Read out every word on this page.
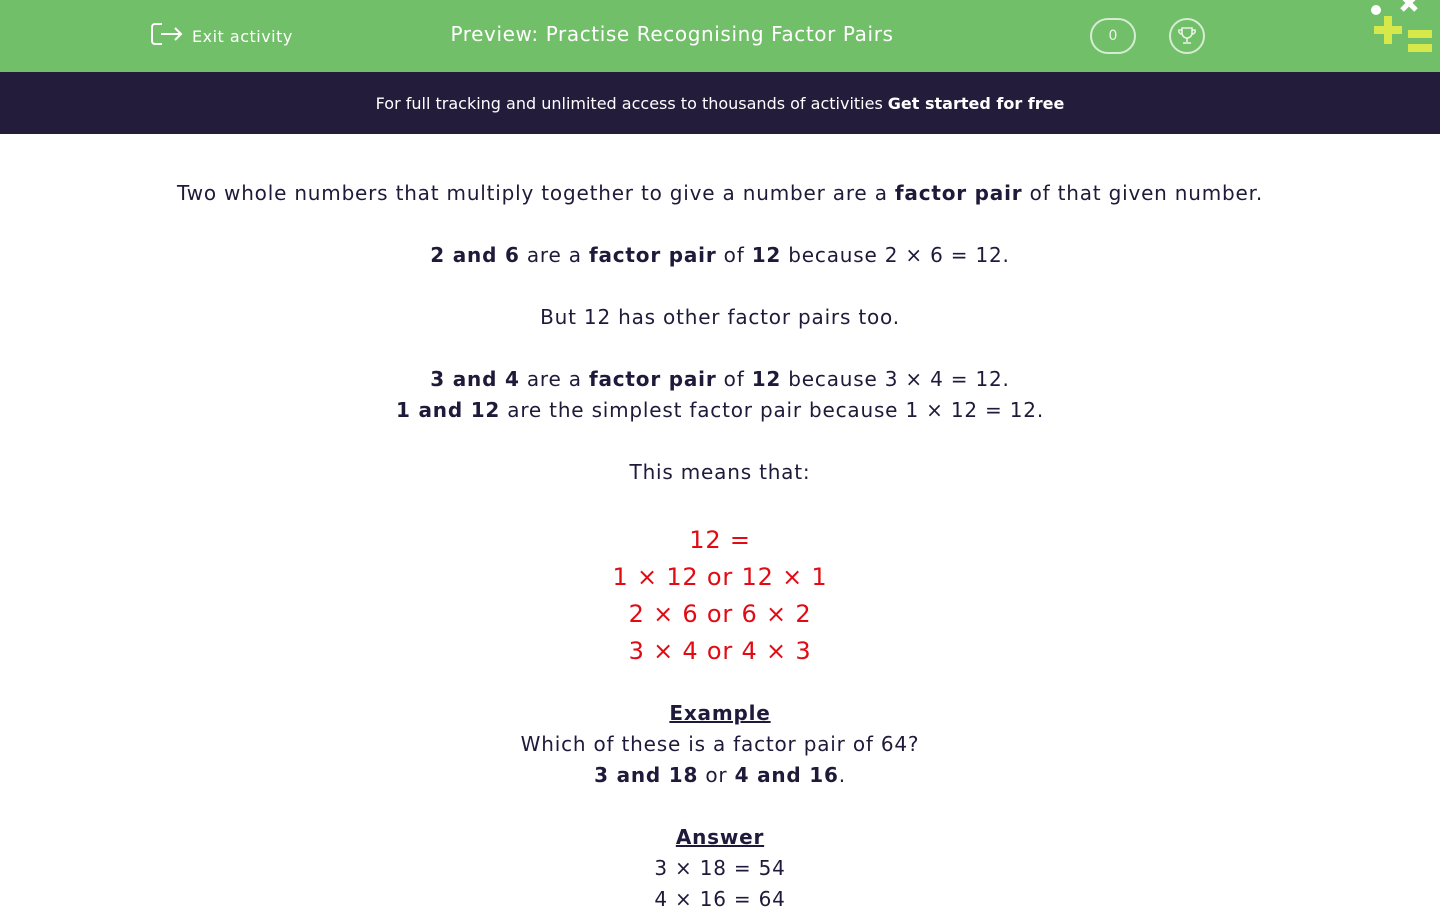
Exit activity	Preview: Practise Recognising Factor Pairs	0
For full tracking and unlimited access to thousands of activities Get started for free

Two whole numbers that multiply together to give a number are a factor pair of that given number.

2 and 6 are a factor pair of 12 because 2 × 6 = 12.

But 12 has other factor pairs too.

3 and 4 are a factor pair of 12 because 3 × 4 = 12.

1 and 12 are the simplest factor pair because 1 × 12 = 12.

This means that:

12 =

1 × 12 or 12 × 1

2 × 6 or 6 × 2

3 × 4 or 4 × 3

Example

Which of these is a factor pair of 64?

3 and 18 or 4 and 16.

Answer

3 × 18 = 54

4 × 16 = 64
